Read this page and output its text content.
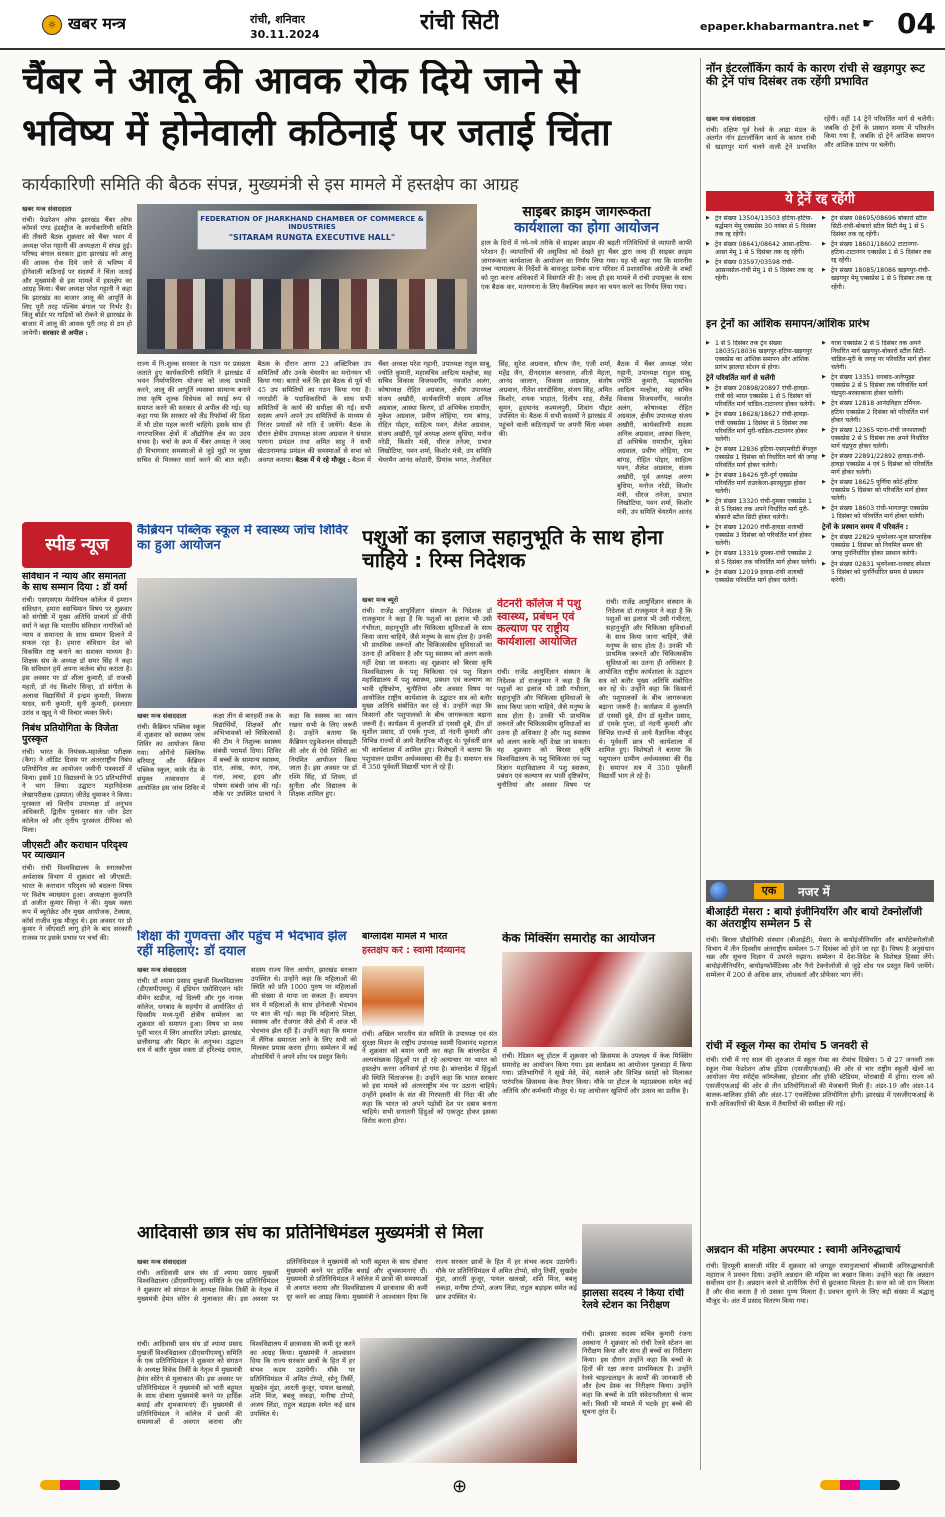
☼ खबर मन्त्र	रांची, शनिवार
30.11.2024	रांची सिटी	epaper.khabarmantra.net ☛ 04
चैंबर ने आलू की आवक रोक दिये जाने से
भविष्य में होनेवाली कठिनाई पर जताई चिंता
कार्यकारिणी समिति की बैठक संपन्न, मुख्यमंत्री से इस मामले में हस्तक्षेप का आग्रह
खबर मन्त्र संवाददाता
रांची। फेडरेशन ऑफ झारखंड चैंबर ऑफ कॉमर्स एण्ड इंडस्ट्रीज के कार्यकारिणी समिति की तीसरी बैठक शुक्रवार को चैंबर भवन में अध्यक्ष परेश गट्टानी की अध्यक्षता में संपन्न हुई। परिषद बंगाल सरकार द्वारा झारखंड को आलू की आवक रोक दिये जाने से भविष्य में होनेवाली कठिनाई पर सदस्यों ने चिंता जताई और मुख्यमंत्री से इस मामले में हस्तक्षेप का आग्रह किया। चैंबर अध्यक्ष परेश गट्टानी ने कहा कि झारखंड का बाजार आलू की आपूर्ति के लिए पूरी तरह पश्चिम बंगाल पर निर्भर है। किंतु बॉर्डर पर गाड़ियों को रोकने से झारखंड के बाजार में आलू की आवक पूरी तरह से ठप हो जायेगी। सरकार से अपील :
FEDERATION OF JHARKHAND CHAMBER OF COMMERCE & INDUSTRIES
"SITARAM RUNGTA EXECUTIVE HALL"
राज्य में नि:शुल्क सरकार के गठन पर प्रसन्नता जताते हुए कार्यकारिणी समिति ने झारखंड में भवन निर्माणविरण योजना को जल्द प्रभावी करने, आलू की आपूर्ति व्यवस्था सामान्य बनाने तथा कृषि शुल्क विधेयक को स्थाई रूप से समाप्त करने की सरकार से अपील की गई। यह कहा गया कि सरकार को लैंड रिफॉर्म्स की दिशा में भी ठोस पहल करनी चाहिये। इसके साथ ही नगरपालिका क्षेत्रों में औद्योगिक क्षेत्र का उदय संभव है। चर्चा के क्रम में चैंबर अध्यक्ष ने जल्द ही विभागवार समस्याओं से जुड़े मुद्दों पर मुख्य सचिव से मिलकर वार्ता करने की बात कही। बैठक के दौरान आगर 23 अक्टिरिक्त उप समितियों और उनके चेयरमैन का मनोनयन भी किया गया। बताते चलें कि इस बैठक से पूर्व भी 45 उप समितियों का गठन किया गया है। नगरडोरी के पदाधिकारियों के साथ सभी समितियों के कार्य की समीक्षा की गई। सभी सदस्य अपने अपने उप समितियों के माध्यम से निरंतर प्रयासों को गति दें जायेंगे। बैठक के दौरान क्षेत्रीय उपाध्यक्ष संजय अग्रवाल ने संथाल परगना प्रमंडल तथा अमित साहू ने सभी खेटउनामगढ़ प्रमंडल की समस्याओं से सभा को अवगत कराया। बैठक में ये रहे मौजूद : बैठक में चैंबर अध्यक्ष परेश गट्टानी, उपाध्यक्ष राहुल साबू, ज्योति कुमारी, महासचिव आदित्य मल्होत्रा, सह सचिव विकास विजयवर्गीय, नवजोत अलंग, कोषाध्यक्ष रोहित अग्रवाल, क्षेत्रीय उपाध्यक्ष संजय अखौरी, कार्यकारिणी सदस्य अनिल अग्रवाल, आस्था किरण, डॉ अभिषेक रामाधीन, मुकेश अग्रवाल, प्रवीण लोहिया, राम बांगड़, रोहित पोद्दार, साहित्य पवन, शैलेश अग्रवाल, संजय अखौरी, पूर्व अध्यक्ष अरुण बुधिया, मनोज नरेडी, किशोर मंत्री, धीरज तनेजा, प्रभात लिखोटिया, पवन शर्मा, किशोर मंत्री, उप समिति चेयरमैन आनंद कोठारी, प्रियांक भगत, तेजविंदर सिंह, सुरेश अग्रवाल, सौरभ जैन, एजी शर्मा, महेंद्र जैन, दीनदयाल बरनवाल, शीतो मेहता, आनंद जालान, विकास अग्रवाल, संतोष अग्रवाल, नीतेश शारदीसिया, संजय सिंह, अमित किशोर, शयक भाहात, दिलीप शाह, शैलेंद्र सुमन, हृदयानंद कश्मलपुरी, शिवांग पौद्दार उपस्थित थे। बैठक में सभी सदस्यों ने झारखंड में पहुंचने वाली कठिनाइयों पर अपनी चिंता व्यक्त की।
साइबर क्राइम जागरूकता
कार्यशाला का होगा आयोजन
हाल के दिनों में नये-नये तरीके से साइबर क्राइम की बढ़ती गतिविधियों से व्यापारी काफी परेशान हैं। व्यापारियों की असुविधा को देखते हुए चैंबर द्वारा जल्द ही साइबर क्राइम जागरूकता कार्यशाला के आयोजन का निर्णय लिया गया। यह भी कहा गया कि माननीय उच्च न्यायालय के निर्देशों के बावजूद प्रत्येक थाना परिसर में प्रशासनिक अंग्रेजी के शब्दों को पूरा करना अधिकारों में विसंगति की है। जल्द ही इस मामले में रांची उपायुक्त के साथ एक बैठक कर, मतगणना के लिए वैकल्पिक स्थान का चयन करने का निर्णय लिया गया।
बैठक में चैंबर अध्यक्ष परेश गट्टानी, उपाध्यक्ष राहुल साबू, ज्योति कुमारी, महासचिव आदित्य मल्होत्रा, सह सचिव विकास विजयवर्गीय, नवजोत अलंग, कोषाध्यक्ष रोहित अग्रवाल, क्षेत्रीय उपाध्यक्ष संजय अखौरी, कार्यकारिणी सदस्य अनिल अग्रवाल, आस्था किरण, डॉ अभिषेक रामाधीन, मुकेश अग्रवाल, प्रवीण लोहिया, राम बांगड़, रोहित पोद्दार, साहित्य पवन, शैलेश अग्रवाल, संजय अखौरी, पूर्व अध्यक्ष अरुण बुधिया, मनोज नरेडी, किशोर मंत्री, धीरज तनेजा, प्रभात लिखोटिया, पवन शर्मा, किशोर मंत्री, उप समिति चेयरमैन आनंद
नॉन इंटरलॉकिंग कार्य के कारण रांची से खड़गपुर रूट की ट्रेनें पांच दिसंबर तक रहेंगी प्रभावित
खबर मन्त्र संवाददाता
रांची। दक्षिण पूर्व रेलवे के आद्रा मंडल के अंतर्गत नॉन इंटरलॉकिंग कार्य के कारण रांची से खड़गपुर मार्ग चलने वाली ट्रेनें प्रभावित रहेंगी। वहीं 14 ट्रेनें परिवर्तित मार्ग से चलेंगी। जबकि दो ट्रेनों के प्रस्थान समय में परिवर्तन किया गया है, जबकि दो ट्रेनें आंशिक समापन और आंशिक प्रारंभ पर चलेंगी।
ये ट्रेनें रद्द रहेंगी
▶ ट्रेन संख्या 13504/13503 हटिया-हटिया-बर्द्धमान मेमू एक्सप्रेस 30 नवंबर से 5 दिसंबर तक रद्द रहेंगी।
▶ ट्रेन संख्या 08641/08642 आसा-हटिया-आसा मेमू 1 से 5 दिसंबर तक रद्द रहेंगी।
▶ ट्रेन संख्या 03597/03598 रांची-आसनसोल-रांची मेमू 1 से 5 दिसंबर तक रद्द रहेगी।
▶ ट्रेन संख्या 08695/08696 बोकारो स्टील सिटी-रांची-बोकारो स्टील सिटी मेमू 1 से 5 दिसंबर तक रद्द रहेंगी।
▶ ट्रेन संख्या 18601/18602 टाटानगर-हटिया-टाटानगर एक्सप्रेस 1 से 5 दिसंबर तक रद्द रहेंगी।
▶ ट्रेन संख्या 18085/18086 खड़गपुर-रांची-खड़गपुर मेमू एक्सप्रेस 1 से 5 दिसंबर तक रद्द रहेंगी।
इन ट्रेनों का आंशिक समापन/आंशिक प्रारंभ
▶ 1 से 5 दिसंबर तक ट्रेन संख्या 18035/18036 खड़गपुर-हटिया-खड़गपुर एक्सप्रेस का आंशिक समापन और आंशिक प्रारंभ झालदा स्टेशन से होगा।
ट्रेनें परिवर्तित मार्ग से चलेंगी
▶ ट्रेन संख्या 20898/20897 रांची-हावड़ा-रांची वंदे भारत एक्सप्रेस 1 से 5 दिसंबर को परिवर्तित मार्ग चांडिल-टाटानगर होकर चलेगी।
▶ ट्रेन संख्या 18628/18627 रांची-हावड़ा-रांची एक्सप्रेस 1 दिसंबर से 5 दिसंबर तक परिवर्तित मार्ग मुरी-चांडिल-टाटानगर होकर चलेगी।
▶ ट्रेन संख्या 12836 हटिया-एसएमवीटी बेंगलुरु एक्सप्रेस 1 दिसंबर को निर्धारित मार्ग की जगह परिवर्तित मार्ग होकर चलेगी।
▶ ट्रेन संख्या 18426 पुरी-दुर्ग एक्सप्रेस परिवर्तित मार्ग राउरकेला-झारसुगुड़ा होकर चलेगी।
▶ ट्रेन संख्या 13320 रांची-दुमका एक्सप्रेस 1 से 5 दिसंबर तक अपने निर्धारित मार्ग मुरी-बोकारो स्टील सिटी होकर चलेगी।
▶ ट्रेन संख्या 12020 रांची-हावड़ा शताब्दी एक्सप्रेस 3 दिसंबर को परिवर्तित मार्ग होकर चलेगी।
▶ ट्रेन संख्या 13319 दुमका-रांची एक्सप्रेस 2 से 5 दिसंबर तक परिवर्तित मार्ग होकर चलेगी।
▶ ट्रेन संख्या 12019 हावड़ा-रांची शताब्दी एक्सप्रेस परिवर्तित मार्ग होकर चलेगी।
▶ यात्रा एक्सप्रेस 2 से 5 दिसंबर तक अपने निर्धारित मार्ग खड़गपुर-बोकारो स्टील सिटी-चांडिल-मुरी के जगह पर परिवर्तित मार्ग होकर चलेगी।
▶ ट्रेन संख्या 13351 धनबाद-अलेप्पुझा एक्सप्रेस 2 से 5 दिसंबर तक परिवर्तित मार्ग चंद्रपुरा-बरकाकाना होकर चलेगी।
▶ ट्रेन संख्या 12818 आनंदविहार टर्मिनल-हटिया एक्सप्रेस 2 दिसंबर को परिवर्तित मार्ग होकर चलेगी।
▶ ट्रेन संख्या 12365 पटना-रांची जनशताब्दी एक्सप्रेस 2 से 5 दिसंबर तक अपने निर्धारित मार्ग चंद्रपुरा होकर चलेगी।
▶ ट्रेन संख्या 22891/22892 हावड़ा-रांची-हावड़ा एक्सप्रेस 4 एवं 5 दिसंबर को परिवर्तित मार्ग होकर चलेगी।
▶ ट्रेन संख्या 18625 पूर्णिया कोर्ट-हटिया एक्सप्रेस 5 दिसंबर को परिवर्तित मार्ग होकर चलेगी।
▶ ट्रेन संख्या 18603 रांची-भागलपुर एक्सप्रेस 1 दिसंबर को परिवर्तित मार्ग होकर चलेगी।
ट्रेनों के प्रस्थान समय में परिवर्तन :
▶ ट्रेन संख्या 22829 भुवनेश्वर-भुज साप्ताहिक एक्सप्रेस 1 दिसंबर को नियमित समय की जगह पुनर्निर्धारित होकर प्रस्थान करेगी।
▶ ट्रेन संख्या 02831 भुवनेश्वर-धनबाद स्पेशल 5 दिसंबर को पुनर्निर्धारित समय से प्रस्थान करेगी।
एक	नजर में
बीआईटी मेसरा : बायो इंजीनियरिंग और बायो टेक्नोलॉजी का अंतराष्ट्रीय सम्मेलन 5 से
रांची। बिरला प्रौद्योगिकी संस्थान (बीआईटी), मेसरा के बायोइंजीनियरिंग और बायोटेक्नोलॉजी विभाग में तीन दिवसीय अंतराष्ट्रीय सम्मेलन 5-7 दिसंबर को होने जा रहा है। विषय है अनुसंधान चक्र और सूचना विज्ञान में उभरते रुझान। सम्मेलन में देश-विदेश के विशेषज्ञ हिस्सा लेंगे। बायोइंजीनियरिंग, बायोइन्फॉर्मेटिक्स और नैनो टेक्नोलॉजी से जुड़े शोध पत्र प्रस्तुत किये जायेंगे। सम्मेलन में 200 से अधिक छात्र, शोधकर्ता और प्रोफेसर भाग लेंगे।
रांची में स्कूल गेम्स का रोमांच 5 जनवरी से
रांची। रांची में नए साल की शुरुआत में स्कूल गेम्स का रोमांच दिखेगा। 5 से 27 जनवरी तक स्कूल गेम्स फेडरेशन ऑफ इंडिया (एसजीएफआई) की ओर से चार राष्ट्रीय स्कूली खेलों का आयोजन मेगा स्पोर्ट्स कॉम्प्लेक्स, होटवार और हॉकी स्टेडियम, मोराबादी में होगा। राज्य को एसजीएफआई की ओर से तीन प्रतियोगिताओं की मेजबानी मिली है। अंडर-19 और अंडर-14 बालक-बालिका हॉकी और अंडर-17 एथलेटिक्स प्रतियोगिता होगी। झारखंड में एसजीएफआई के सभी अधिकारियों की बैठक में तैयारियों की समीक्षा की गई।
अन्नदान की महिमा अपरम्पार : स्वामी अनिरुद्धाचार्य
रांची। हिरमूली बालाजी मंदिर में शुक्रवार को जगद्गुरु रामानुजाचार्य श्रीस्वामी अनिरुद्धाचार्यजी महाराज ने प्रवचन दिया। उन्होंने अन्नदान की महिमा का बखान किया। उन्होंने कहा कि अन्नदान सर्वोत्तम दान है। अन्नदान करने से शारीरिक रोगों से छुटकारा मिलता है। सन्त को जो दान मिलता है और सेवा करता है तो उसका पुण्य मिलता है। प्रवचन सुनने के लिए बड़ी संख्या में श्रद्धालु मौजूद थे। अंत में प्रसाद वितरण किया गया।
स्पीड न्यूज
संविधान ने न्याय और समानता के साथ सम्मान दिया : डॉ वर्मा
रांची। एसएसएस मेमोरियल कॉलेज में इमरान संविधान, हमारा स्वाभिमान विषय पर शुक्रवार को संगोष्ठी में मुख्य अतिथि प्राचार्य डॉ वीपी वर्मा ने कहा कि भारतीय संविधान नागरिकों को न्याय व समानता के साथ सम्मान दिलाने में सफल रहा है। हमारा संविधान देश को विकसित राष्ट्र बनाने का सशक्त माध्यम है। शिक्षक संघ के अध्यक्ष डॉ समर सिंह ने कहा कि संविधान हमें अपना कर्तव्य बोध कराता है। इस अवसर पर डॉ शीला कुमारी, डॉ राजश्री महतो, डॉ नंद किशोर सिन्हा, डॉ संगीता के अलावा विद्यार्थियों में इन्द्रम कुमारी, विकास यादव, सनी कुमारी, सुनी कुमारी, इवलदार उरांव व खुशू ने भी विचार व्यक्त किये।
निबंध प्रतियोगिता के विजेता पुरस्कृत
रांची। भारत के नियंत्रक-महालेखा परीक्षक (कैग) ने ऑडिट दिवस पर अंतरराष्ट्रीय निबंध प्रतियोगिता का आयोजन जमीनी पत्रकाशों में किया। इसमें 10 विद्यालयों के 95 प्रतिभागियों ने भाग लिया। उद्घाटन महानिदेशक लेखापरीक्षक (इस्पात) जीतेंद्र धुमाकर ने किया। पुरस्कार को वित्तीय उपाध्यक्ष डॉ अनुभव अधिकारी, द्वितीय पुरस्कार संत जॉन डेटर कॉलेज को और तृतीय पुरस्कार दीपिका को मिला।
जीएसटी और कराधान परिदृश्य पर व्याख्यान
रांची। रांची विश्वविद्यालय के स्नातकोत्तर अर्थशास्त्र विभाग में शुक्रवार को जीएसटी: भारत के कराधान परिदृश्य को बदलना विषय पर विशेष व्याख्यान हुआ। अध्यक्षता कुलपति डॉ अजीत कुमार सिन्हा ने की। मुख्य वक्ता रूप में ब्यूरोक्रेट और मुख्य आयोजक, टेक्सस, कॉर्स राजीव मुख मौजूद थे। इस अवसर पर प्रो कुमार ने जीएसटी लागू होने के बाद सरकारी राजस्व पर इसके प्रभाव पर चर्चा की।
कैंब्रियन पब्लिक स्कूल में स्वास्थ्य जांच शिविर का हुआ आयोजन
खबर मन्त्र संवाददाता
रांची। कैंब्रियन पब्लिक स्कूल में शुक्रवार को स्वास्थ्य जांच शिविर का आयोजन किया गया। ओर्गेनो क्लिनिक बरियातू और कैंब्रियन पब्लिक स्कूल, कांके रोड के संयुक्त तत्वावधान में आयोजित इस जांच शिविर में कक्षा तीन से बारहवीं तक के विद्यार्थियों, शिक्षकों और अभिभावकों को चिकित्सकों की टीम ने निशुल्क स्वास्थ्य संबंधी परामर्श दिया। शिविर में बच्चों के सामान्य स्वास्थ्य, दांत, आंख, कान, नाक, गला, त्वचा, हृदय और पोषण संबंधी जांच की गई। मौके पर उपस्थित प्राचार्य ने कहा कि स्वस्थ्य का ध्यान रखना सभी के लिए जरूरी है। उन्होंने बताया कि कैंब्रियन एडुकेशनल सोसाइटी की ओर से ऐसे शिविरों का नियमित आयोजन किया जाता है। इस अवसर पर डॉ रश्मि सिंह, डॉ शिवम, डॉ सुनीता और विद्यालय के शिक्षक शामिल हुए।
पशुओं का इलाज सहानुभूति के साथ होना चाहिये : रिम्स निदेशक
खबर मन्त्र ब्यूरो
रांची। राजेंद्र आयुर्विज्ञान संस्थान के निदेशक डॉ राजकुमार ने कहा है कि पशुओं का इलाज भी उसी गंभीरता, सहानुभूति और चिकित्सा सुविधाओं के साथ किया जाना चाहिये, जैसे मनुष्य के साथ होता है। उनकी भी प्राथमिक जरूरतें और चिकित्सकीय सुविधाओं का उतना ही अधिकार है और पशु स्वास्थ्य को अलग करके नहीं देखा जा सकता। वह शुक्रवार को बिरसा कृषि विश्वविद्यालय के पशु चिकित्सा एवं पशु विज्ञान महाविद्यालय में पशु स्वास्थ्य, प्रबंधन एवं कल्याण का भावी दृष्टिकोण, चुनौतियां और अवसर विषय पर आयोजित राष्ट्रीय कार्यशाला के उद्घाटन सत्र को बतौर मुख्य अतिथि संबोधित कर रहे थे। उन्होंने कहा कि किसानों और पशुपालकों के बीच जागरूकता बढ़ाना जरूरी है। कार्यक्रम में कुलपति डॉ एससी दुबे, डीन डॉ सुशील प्रसाद, डॉ एमके गुप्ता, डॉ नंदनी कुमारी और विभिन्न राज्यों से आये वैज्ञानिक मौजूद थे। पूर्ववर्ती छात्र भी कार्यशाला में शामिल हुए। विशेषज्ञों ने बताया कि पशुपालन ग्रामीण अर्थव्यवस्था की रीढ़ है। समापन सत्र में 350 पूर्ववर्ती विद्यार्थी भाग ले रहे हैं।
वेटनरी कॉलेज में पशु स्वास्थ्य, प्रबंधन एवं कल्याण पर राष्ट्रीय कार्यशाला आयोजित
रांची। राजेंद्र आयुर्विज्ञान संस्थान के निदेशक डॉ राजकुमार ने कहा है कि पशुओं का इलाज भी उसी गंभीरता, सहानुभूति और चिकित्सा सुविधाओं के साथ किया जाना चाहिये, जैसे मनुष्य के साथ होता है। उनकी भी प्राथमिक जरूरतें और चिकित्सकीय सुविधाओं का उतना ही अधिकार है और पशु स्वास्थ्य को अलग करके नहीं देखा जा सकता। वह शुक्रवार को बिरसा कृषि विश्वविद्यालय के पशु चिकित्सा एवं पशु विज्ञान महाविद्यालय में पशु स्वास्थ्य, प्रबंधन एवं कल्याण का भावी दृष्टिकोण, चुनौतियां और अवसर विषय पर आयोजित राष्ट्रीय कार्यशाला के उद्घाटन सत्र को बतौर मुख्य अतिथि संबोधित कर रहे थे। उन्होंने कहा कि किसानों और पशुपालकों के बीच जागरूकता बढ़ाना जरूरी है। कार्यक्रम में कुलपति डॉ एससी दुबे, डीन डॉ सुशील प्रसाद, डॉ एमके गुप्ता, डॉ नंदनी कुमारी और विभिन्न राज्यों से आये वैज्ञानिक मौजूद थे। पूर्ववर्ती छात्र भी कार्यशाला में शामिल हुए। विशेषज्ञों ने बताया कि पशुपालन ग्रामीण अर्थव्यवस्था की रीढ़ है। समापन सत्र में 350 पूर्ववर्ती विद्यार्थी भाग ले रहे हैं।
रांची। राजेंद्र आयुर्विज्ञान संस्थान के निदेशक डॉ राजकुमार ने कहा है कि पशुओं का इलाज भी उसी गंभीरता, सहानुभूति और चिकित्सा सुविधाओं के साथ किया जाना चाहिये, जैसे मनुष्य के साथ होता है। उनकी भी प्राथमिक जरूरतें और चिकित्सकीय सुविधाओं का उतना ही अधिकार है
शिक्षा की गुणवत्ता और पहुंच में भेदभाव झेल रहीं महिलाएं: डॉ दयाल
खबर मन्त्र संवाददाता
रांची। डॉ श्यामा प्रसाद मुखर्जी विश्वविद्यालय (डीएसपीएमयू) में इंडियन एसोसिएशन फॉर वीमेन स्टडीज, नई दिल्ली और गुरु नानक कॉलेज, धनबाद के सहयोग से आयोजित दो दिवसीय मध्य-पूर्वी क्षेत्रीय सम्मेलन का शुक्रवार को समापन हुआ। विषय था मध्य पूर्वी भारत में लिंग आधारित उपेक्षा: झारखंड, छत्तीसगढ़ और बिहार के अनुभव। उद्घाटन सत्र में बतौर मुख्य वक्ता डॉ हरिश्चंद्र दयाल, सदस्य राज्य वित्त आयोग, झारखंड सरकार उपस्थित थे। उन्होंने कहा कि महिलाओं की स्थिति को प्रति 1000 पुरुष पर महिलाओं की संख्या से मापा जा सकता है। समापन सत्र में महिलाओं के साथ होनेवाली भेदभाव पर बात की गई। कहा कि महिलाएं शिक्षा, स्वास्थ्य और रोजगार जैसे क्षेत्रों में आज भी भेदभाव झेल रही हैं। उन्होंने कहा कि समाज में लैंगिक समानता लाने के लिए सभी को मिलकर प्रयास करना होगा। सम्मेलन में कई शोधार्थियों ने अपने शोध पत्र प्रस्तुत किये।
बांग्लादेश मामले में भारत
हस्तक्षेप करे : स्वामी दिव्यानंद
रांची। अखिल भारतीय संत समिति के उपाध्यक्ष एवं संत सुरक्षा मिशन के राष्ट्रीय उपाध्यक्ष स्वामी दिव्यानंद महाराज ने शुक्रवार को बयान जारी कर कहा कि बांग्लादेश में अल्पसंख्यक हिंदुओं पर हो रहे अत्याचार पर भारत को हस्तक्षेप करना अनिवार्य हो गया है। बांग्लादेश में हिंदुओं की स्थिति चिंताजनक है। उन्होंने कहा कि भारत सरकार को इस मामले को अंतरराष्ट्रीय मंच पर उठाना चाहिये। उन्होंने इस्कॉन के संत की गिरफ्तारी की निंदा की और कहा कि भारत को अपने पड़ोसी देश पर दबाव बनाना चाहिये। सभी सनातनी हिंदुओं को एकजुट होकर इसका विरोध करना होगा।
केक मिक्सिंग समारोह का आयोजन
रांची। रेडिसन ब्लू होटल में शुक्रवार को क्रिसमस के उपलक्ष्य में केक मिक्सिंग समारोह का आयोजन किया गया। इस कार्यक्रम का आयोजन पुलवाड़ा में किया गया। प्रतिभागियों ने सूखे मेवे, मेवे, मसाले और विभिन्न स्वादों को मिलाकर पारंपरिक क्रिसमस केक तैयार किया। मौके पर होटल के महाप्रबंधक समेत कई अतिथि और कर्मचारी मौजूद थे। यह आयोजन खुशियों और उत्सव का प्रतीक है।
आदिवासी छात्र संघ का प्रतिनिधिमंडल मुख्यमंत्री से मिला
खबर मन्त्र संवाददाता
रांची। आदिवासी छात्र संघ डॉ श्यामा प्रसाद मुखर्जी विश्वविद्यालय (डीएसपीएमयू) समिति के एक प्रतिनिधिमंडल ने शुक्रवार को संगठन के अध्यक्ष विवेक तिर्की के नेतृत्व में मुख्यमंत्री हेमंत सोरेन से मुलाकात की। इस अवसर पर प्रतिनिधिमंडल ने मुख्यमंत्री को भारी बहुमत के साथ दोबारा मुख्यमंत्री बनने पर हार्दिक बधाई और शुभकामनाएं दीं। मुख्यमंत्री से प्रतिनिधिमंडल ने कॉलेज में छात्रों की समस्याओं से अवगत कराया और विश्वविद्यालय में छात्रावास की कमी दूर करने का आग्रह किया। मुख्यमंत्री ने आश्वासन दिया कि राज्य सरकार छात्रों के हित में हर संभव कदम उठायेगी। मौके पर प्रतिनिधिमंडल में अमित टोप्पो, सोनू तिर्की, सुखदेव मुंडा, आरती कुजूर, पायल खलखो, शशि मिंज, बबलू लकड़ा, मनीषा टोप्पो, अजय लिंडा, राहुल बड़ाइक समेत कई छात्र उपस्थित थे।
रांची। आदिवासी छात्र संघ डॉ श्यामा प्रसाद मुखर्जी विश्वविद्यालय (डीएसपीएमयू) समिति के एक प्रतिनिधिमंडल ने शुक्रवार को संगठन के अध्यक्ष विवेक तिर्की के नेतृत्व में मुख्यमंत्री हेमंत सोरेन से मुलाकात की। इस अवसर पर प्रतिनिधिमंडल ने मुख्यमंत्री को भारी बहुमत के साथ दोबारा मुख्यमंत्री बनने पर हार्दिक बधाई और शुभकामनाएं दीं। मुख्यमंत्री से प्रतिनिधिमंडल ने कॉलेज में छात्रों की समस्याओं से अवगत कराया और विश्वविद्यालय में छात्रावास की कमी दूर करने का आग्रह किया। मुख्यमंत्री ने आश्वासन दिया कि राज्य सरकार छात्रों के हित में हर संभव कदम उठायेगी। मौके पर प्रतिनिधिमंडल में अमित टोप्पो, सोनू तिर्की, सुखदेव मुंडा, आरती कुजूर, पायल खलखो, शशि मिंज, बबलू लकड़ा, मनीषा टोप्पो, अजय लिंडा, राहुल बड़ाइक समेत कई छात्र उपस्थित थे।
झालसा सदस्य ने किया रांची रेलवे स्टेशन का निरीक्षण
रांची। झालसा सदस्य सचिव कुमारी रंजना अस्थाना ने शुक्रवार को रांची रेलवे स्टेशन का निरीक्षण किया और साथ ही बच्चों का निरीक्षण किया। इस दौरान उन्होंने कहा कि बच्चों के हितों की रक्षा करना प्राथमिकता है। उन्होंने रेलवे चाइल्डलाइन के कार्यों की जानकारी ली और हेल्प डेस्क का निरीक्षण किया। उन्होंने कहा कि बच्चों के प्रति संवेदनशीलता से काम करें। किसी भी मामले में भटके हुए बच्चे की सूचना तुरंत दें।
⊕
